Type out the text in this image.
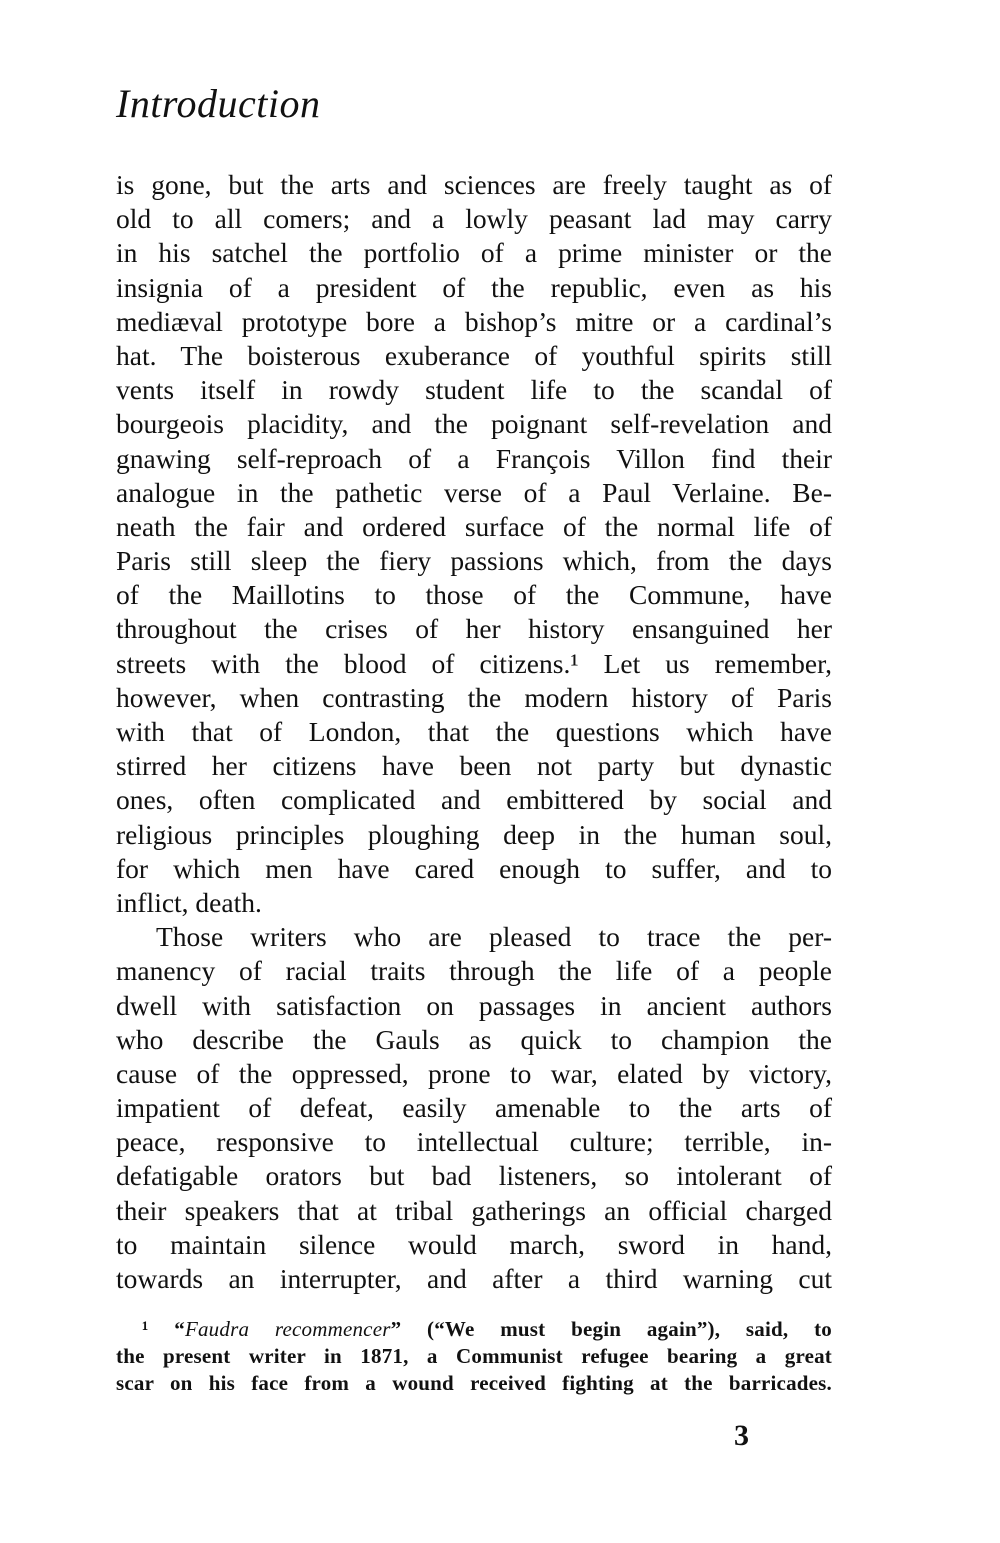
Introduction
is gone, but the arts and sciences are freely taught as of
old to all comers; and a lowly peasant lad may carry
in his satchel the portfolio of a prime minister or the
insignia of a president of the republic, even as his
mediæval prototype bore a bishop’s mitre or a cardinal’s
hat. The boisterous exuberance of youthful spirits still
vents itself in rowdy student life to the scandal of
bourgeois placidity, and the poignant self-revelation and
gnawing self-reproach of a François Villon find their
analogue in the pathetic verse of a Paul Verlaine. Be-
neath the fair and ordered surface of the normal life of
Paris still sleep the fiery passions which, from the days
of the Maillotins to those of the Commune, have
throughout the crises of her history ensanguined her
streets with the blood of citizens.¹ Let us remember,
however, when contrasting the modern history of Paris
with that of London, that the questions which have
stirred her citizens have been not party but dynastic
ones, often complicated and embittered by social and
religious principles ploughing deep in the human soul,
for which men have cared enough to suffer, and to
inflict, death.
Those writers who are pleased to trace the per-
manency of racial traits through the life of a people
dwell with satisfaction on passages in ancient authors
who describe the Gauls as quick to champion the
cause of the oppressed, prone to war, elated by victory,
impatient of defeat, easily amenable to the arts of
peace, responsive to intellectual culture; terrible, in-
defatigable orators but bad listeners, so intolerant of
their speakers that at tribal gatherings an official charged
to maintain silence would march, sword in hand,
towards an interrupter, and after a third warning cut
¹ “Faudra recommencer” (“We must begin again”), said, to
the present writer in 1871, a Communist refugee bearing a great
scar on his face from a wound received fighting at the barricades.
3
